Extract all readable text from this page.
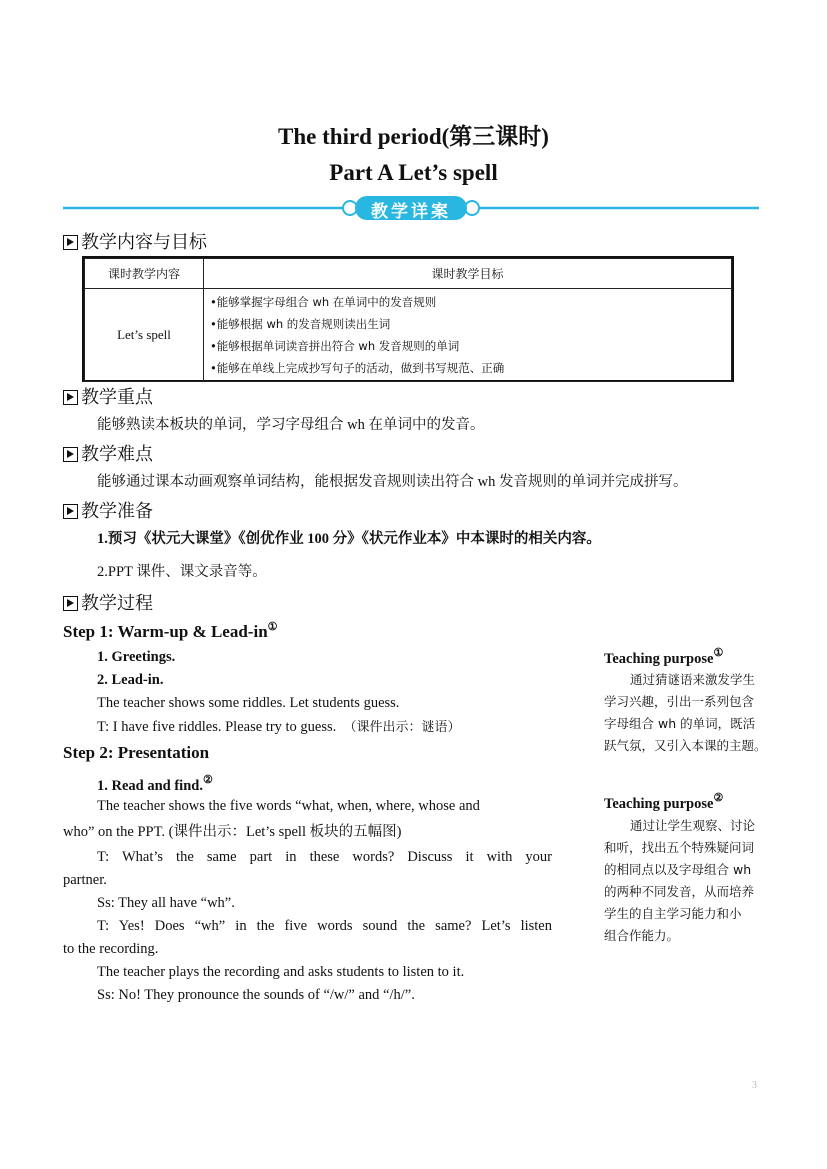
The third period(第三课时)
Part A Let’s spell
教学详案
教学内容与目标
课时教学内容	课时教学目标
Let’s spell	•能够掌握字母组合 wh 在单词中的发音规则
•能够根据 wh 的发音规则读出生词
•能够根据单词读音拼出符合 wh 发音规则的单词
•能够在单线上完成抄写句子的活动，做到书写规范、正确
教学重点
能够熟读本板块的单词，学习字母组合 wh 在单词中的发音。
教学难点
能够通过课本动画观察单词结构，能根据发音规则读出符合 wh 发音规则的单词并完成拼写。
教学准备
1.预习《状元大课堂》《创优作业 100 分》《状元作业本》中本课时的相关内容。
2.PPT 课件、课文录音等。
教学过程
Step 1: Warm-up & Lead-in①
1. Greetings.
2. Lead-in.
The teacher shows some riddles. Let students guess.
T: I have five riddles. Please try to guess. （课件出示：谜语）
Step 2: Presentation
1. Read and find.②
The teacher shows the five words “what, when, where, whose and
who” on the PPT. (课件出示：Let’s spell 板块的五幅图)
T: What’s the same part in these words? Discuss it with your
partner.
Ss: They all have “wh”.
T: Yes! Does “wh” in the five words sound the same? Let’s listen
to the recording.
The teacher plays the recording and asks students to listen to it.
Ss: No! They pronounce the sounds of “/w/” and “/h/”.
Teaching purpose①
通过猜谜语来激发学生
学习兴趣，引出一系列包含
字母组合 wh 的单词，既活
跃气氛，又引入本课的主题。
Teaching purpose②
通过让学生观察、讨论
和听，找出五个特殊疑问词
的相同点以及字母组合 wh
的两种不同发音，从而培养
学生的自主学习能力和小
组合作能力。
3
